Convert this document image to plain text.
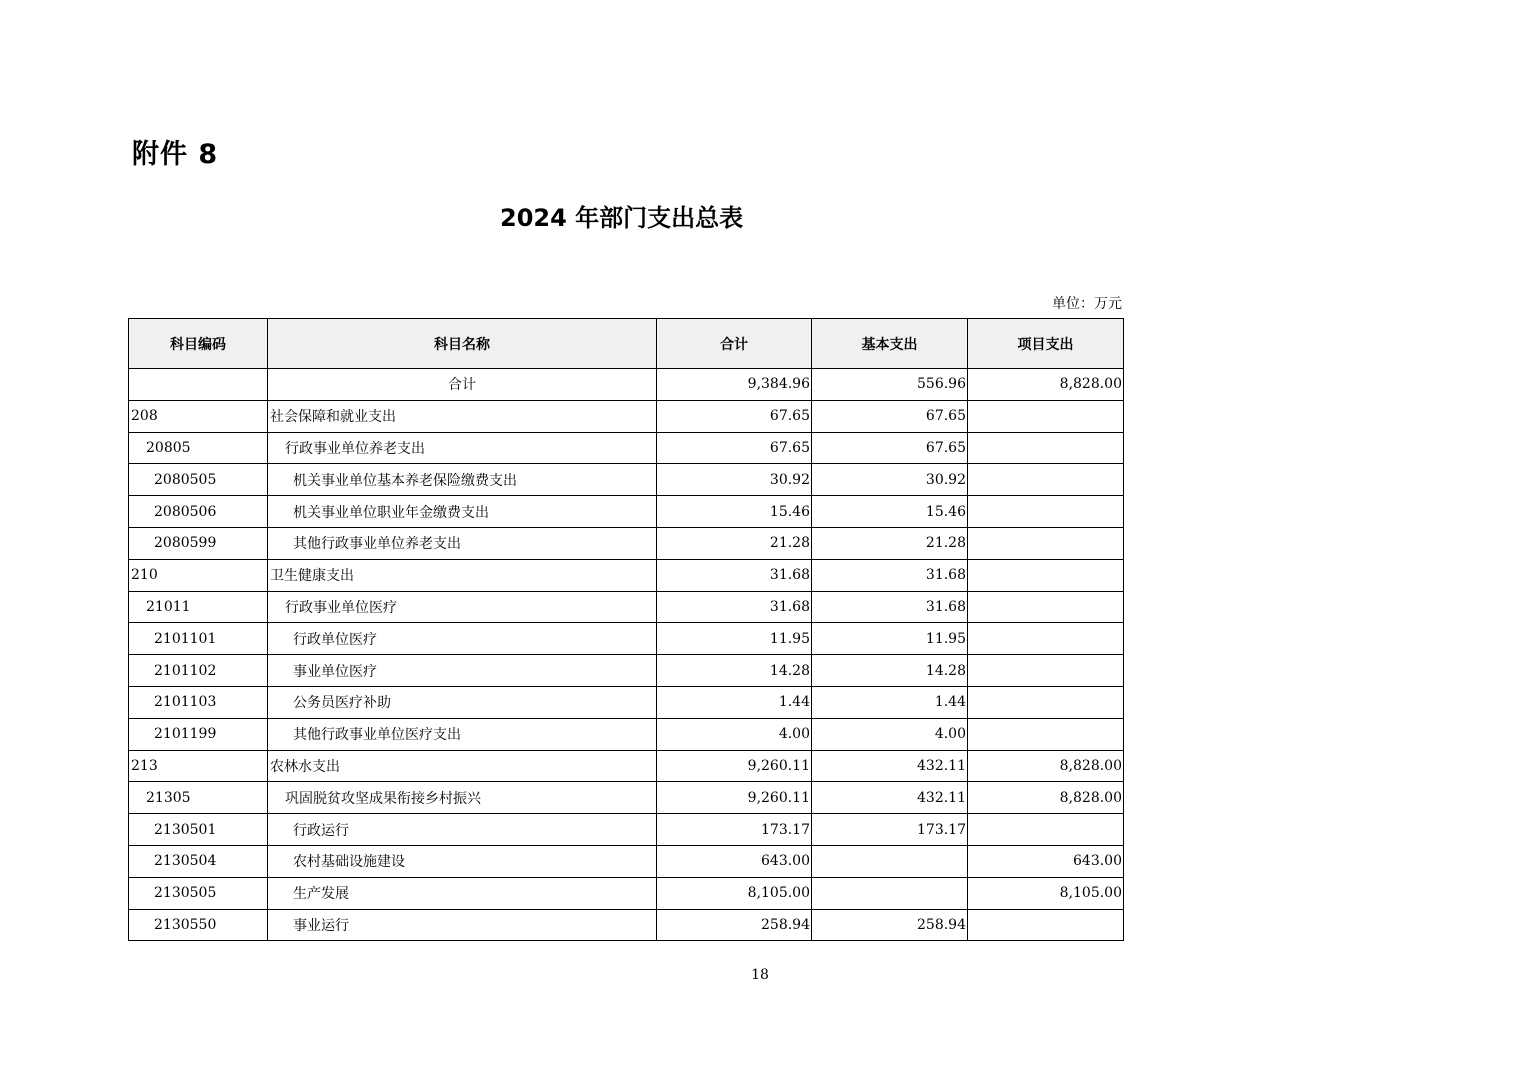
附件 8
2024 年部门支出总表
单位：万元
科目编码	科目名称	合计	基本支出	项目支出
	合计	9,384.96	556.96	8,828.00
208	社会保障和就业支出	67.65	67.65	
20805	行政事业单位养老支出	67.65	67.65	
2080505	机关事业单位基本养老保险缴费支出	30.92	30.92	
2080506	机关事业单位职业年金缴费支出	15.46	15.46	
2080599	其他行政事业单位养老支出	21.28	21.28	
210	卫生健康支出	31.68	31.68	
21011	行政事业单位医疗	31.68	31.68	
2101101	行政单位医疗	11.95	11.95	
2101102	事业单位医疗	14.28	14.28	
2101103	公务员医疗补助	1.44	1.44	
2101199	其他行政事业单位医疗支出	4.00	4.00	
213	农林水支出	9,260.11	432.11	8,828.00
21305	巩固脱贫攻坚成果衔接乡村振兴	9,260.11	432.11	8,828.00
2130501	行政运行	173.17	173.17	
2130504	农村基础设施建设	643.00		643.00
2130505	生产发展	8,105.00		8,105.00
2130550	事业运行	258.94	258.94	
18
